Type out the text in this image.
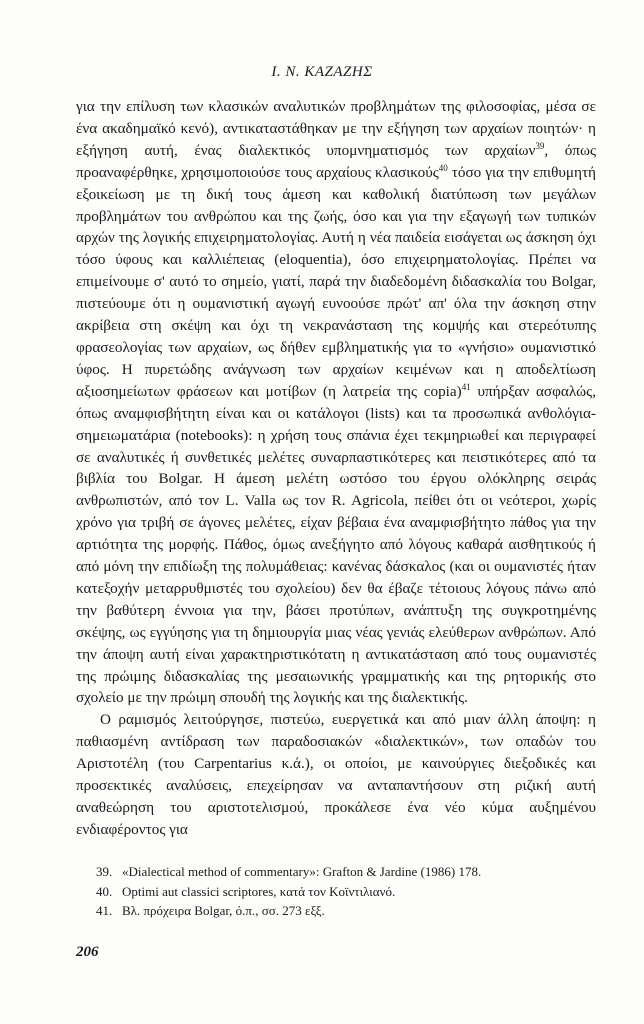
I. N. ΚΑΖΑΖΗΣ

για την επίλυση των κλασικών αναλυτικών προβλημάτων της φιλοσοφίας, μέσα σε ένα ακαδημαϊκό κενό), αντικαταστάθηκαν με την εξήγηση των αρχαίων ποιητών· η εξήγηση αυτή, ένας διαλεκτικός υπομνηματισμός των αρχαίων$^{39}$, όπως προαναφέρθηκε, χρησιμοποιούσε τους αρχαίους κλασικούς$^{40}$ τόσο για την επιθυμητή εξοικείωση με τη δική τους άμεση και καθολική διατύπωση των μεγάλων προβλημάτων του ανθρώπου και της ζωής, όσο και για την εξαγωγή των τυπικών αρχών της λογικής επιχειρηματολογίας. Αυτή η νέα παιδεία εισάγεται ως άσκηση όχι τόσο ύφους και καλλιέπειας (eloquentia), όσο επιχειρηματολογίας. Πρέπει να επιμείνουμε σ' αυτό το σημείο, γιατί, παρά την διαδεδομένη διδασκαλία του Bolgar, πιστεύουμε ότι η ουμανιστική αγωγή ευνοούσε πρώτ' απ' όλα την άσκηση στην ακρίβεια στη σκέψη και όχι τη νεκρανάσταση της κομψής και στερεότυπης φρασεολογίας των αρχαίων, ως δήθεν εμβληματικής για το «γνήσιο» ουμανιστικό ύφος. Η πυρετώδης ανάγνωση των αρχαίων κειμένων και η αποδελτίωση αξιοσημείωτων φράσεων και μοτίβων (η λατρεία της copia)$^{41}$ υπήρξαν ασφαλώς, όπως αναμφισβήτητη είναι και οι κατάλογοι (lists) και τα προσωπικά ανθολόγια-σημειωματάρια (notebooks): η χρήση τους σπάνια έχει τεκμηριωθεί και περιγραφεί σε αναλυτικές ή συνθετικές μελέτες συναρπαστικότερες και πειστικότερες από τα βιβλία του Bolgar. Η άμεση μελέτη ωστόσο του έργου ολόκληρης σειράς ανθρωπιστών, από τον L. Valla ως τον R. Agricola, πείθει ότι οι νεότεροι, χωρίς χρόνο για τριβή σε άγονες μελέτες, είχαν βέβαια ένα αναμφισβήτητο πάθος για την αρτιότητα της μορφής. Πάθος, όμως ανεξήγητο από λόγους καθαρά αισθητικούς ή από μόνη την επιδίωξη της πολυμάθειας: κανένας δάσκαλος (και οι ουμανιστές ήταν κατεξοχήν μεταρρυθμιστές του σχολείου) δεν θα έβαζε τέτοιους λόγους πάνω από την βαθύτερη έννοια για την, βάσει προτύπων, ανάπτυξη της συγκροτημένης σκέψης, ως εγγύησης για τη δημιουργία μιας νέας γενιάς ελεύθερων ανθρώπων. Από την άποψη αυτή είναι χαρακτηριστικότατη η αντικατάσταση από τους ουμανιστές της πρώιμης διδασκαλίας της μεσαιωνικής γραμματικής και της ρητορικής στο σχολείο με την πρώιμη σπουδή της λογικής και της διαλεκτικής.

Ο ραμισμός λειτούργησε, πιστεύω, ευεργετικά και από μιαν άλλη άποψη: η παθιασμένη αντίδραση των παραδοσιακών «διαλεκτικών», των οπαδών του Αριστοτέλη (του Carpentarius κ.ά.), οι οποίοι, με καινούργιες διεξοδικές και προσεκτικές αναλύσεις, επεχείρησαν να ανταπαντήσουν στη ριζική αυτή αναθεώρηση του αριστοτελισμού, προκάλεσε ένα νέο κύμα αυξημένου ενδιαφέροντος για

39. «Dialectical method of commentary»: Grafton & Jardine (1986) 178.

40. Optimi aut classici scriptores, κατά τον Κοϊντιλιανό.

41. Βλ. πρόχειρα Bolgar, ό.π., σσ. 273 εξξ.

206
